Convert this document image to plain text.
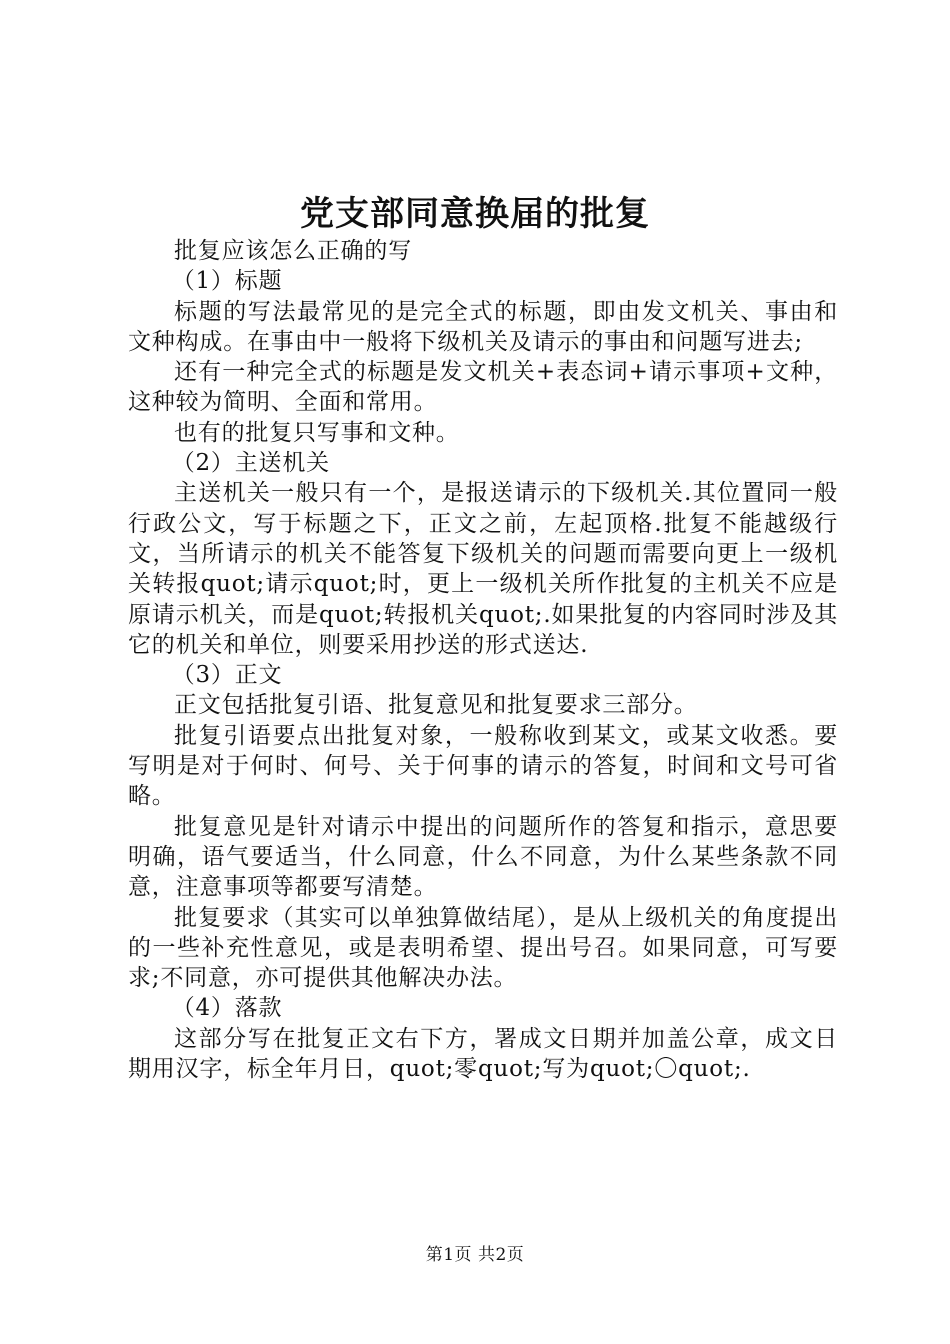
党支部同意换届的批复

批复应该怎么正确的写

（1）标题

标题的写法最常见的是完全式的标题，即由发文机关、事由和文种构成。在事由中一般将下级机关及请示的事由和问题写进去;

还有一种完全式的标题是发文机关+表态词+请示事项+文种，这种较为简明、全面和常用。

也有的批复只写事和文种。

（2）主送机关

主送机关一般只有一个，是报送请示的下级机关.其位置同一般行政公文，写于标题之下，正文之前，左起顶格.批复不能越级行文，当所请示的机关不能答复下级机关的问题而需要向更上一级机关转报quot;请示quot;时，更上一级机关所作批复的主机关不应是原请示机关，而是quot;转报机关quot;.如果批复的内容同时涉及其它的机关和单位，则要采用抄送的形式送达.

（3）正文

正文包括批复引语、批复意见和批复要求三部分。

批复引语要点出批复对象，一般称收到某文，或某文收悉。要写明是对于何时、何号、关于何事的请示的答复，时间和文号可省略。

批复意见是针对请示中提出的问题所作的答复和指示，意思要明确，语气要适当，什么同意，什么不同意，为什么某些条款不同意，注意事项等都要写清楚。

批复要求（其实可以单独算做结尾），是从上级机关的角度提出的一些补充性意见，或是表明希望、提出号召。如果同意，可写要求;不同意，亦可提供其他解决办法。

（4）落款

这部分写在批复正文右下方，署成文日期并加盖公章，成文日期用汉字，标全年月日，quot;零quot;写为quot;〇quot;.

第1页 共2页
